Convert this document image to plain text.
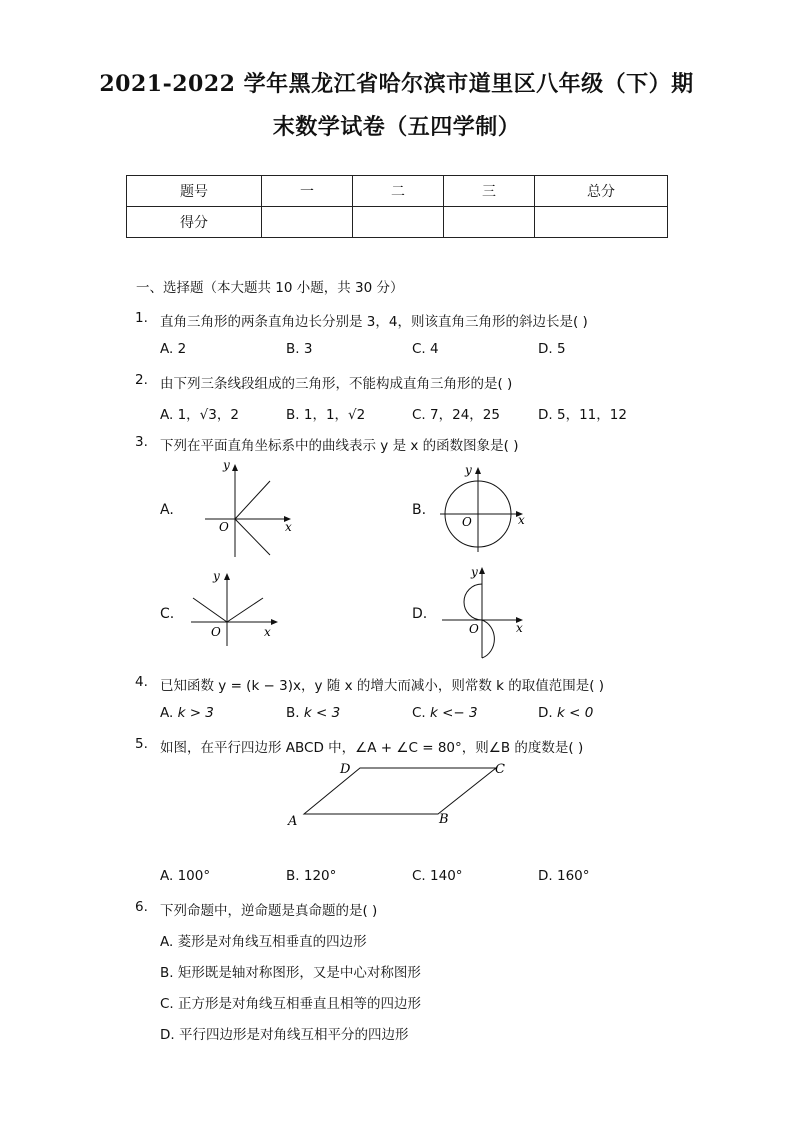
2021-2022 学年黑龙江省哈尔滨市道里区八年级（下）期
末数学试卷（五四学制）
题号	一	二	三	总分
得分				
一、选择题（本大题共 10 小题，共 30 分）
1. 直角三角形的两条直角边长分别是 3，4，则该直角三角形的斜边长是( )
A. 2	B. 3	C. 4	D. 5
2. 由下列三条线段组成的三角形，不能构成直角三角形的是( )
A. 1，√3，2	B. 1，1，√2	C. 7，24，25	D. 5，11，12
3. 下列在平面直角坐标系中的曲线表示 y 是 x 的函数图象是( )
A.	B.
C.	D.
y
O	x
y
O	x
y
O	x
y
O	x
4. 已知函数 y = (k − 3)x，y 随 x 的增大而减小，则常数 k 的取值范围是( )
A. k > 3	B. k < 3	C. k <− 3	D. k < 0
5. 如图，在平行四边形 ABCD 中，∠A + ∠C = 80°，则∠B 的度数是( )
A	B
C
D
A. 100°	B. 120°	C. 140°	D. 160°
6. 下列命题中，逆命题是真命题的是( )
A. 菱形是对角线互相垂直的四边形
B. 矩形既是轴对称图形，又是中心对称图形
C. 正方形是对角线互相垂直且相等的四边形
D. 平行四边形是对角线互相平分的四边形
